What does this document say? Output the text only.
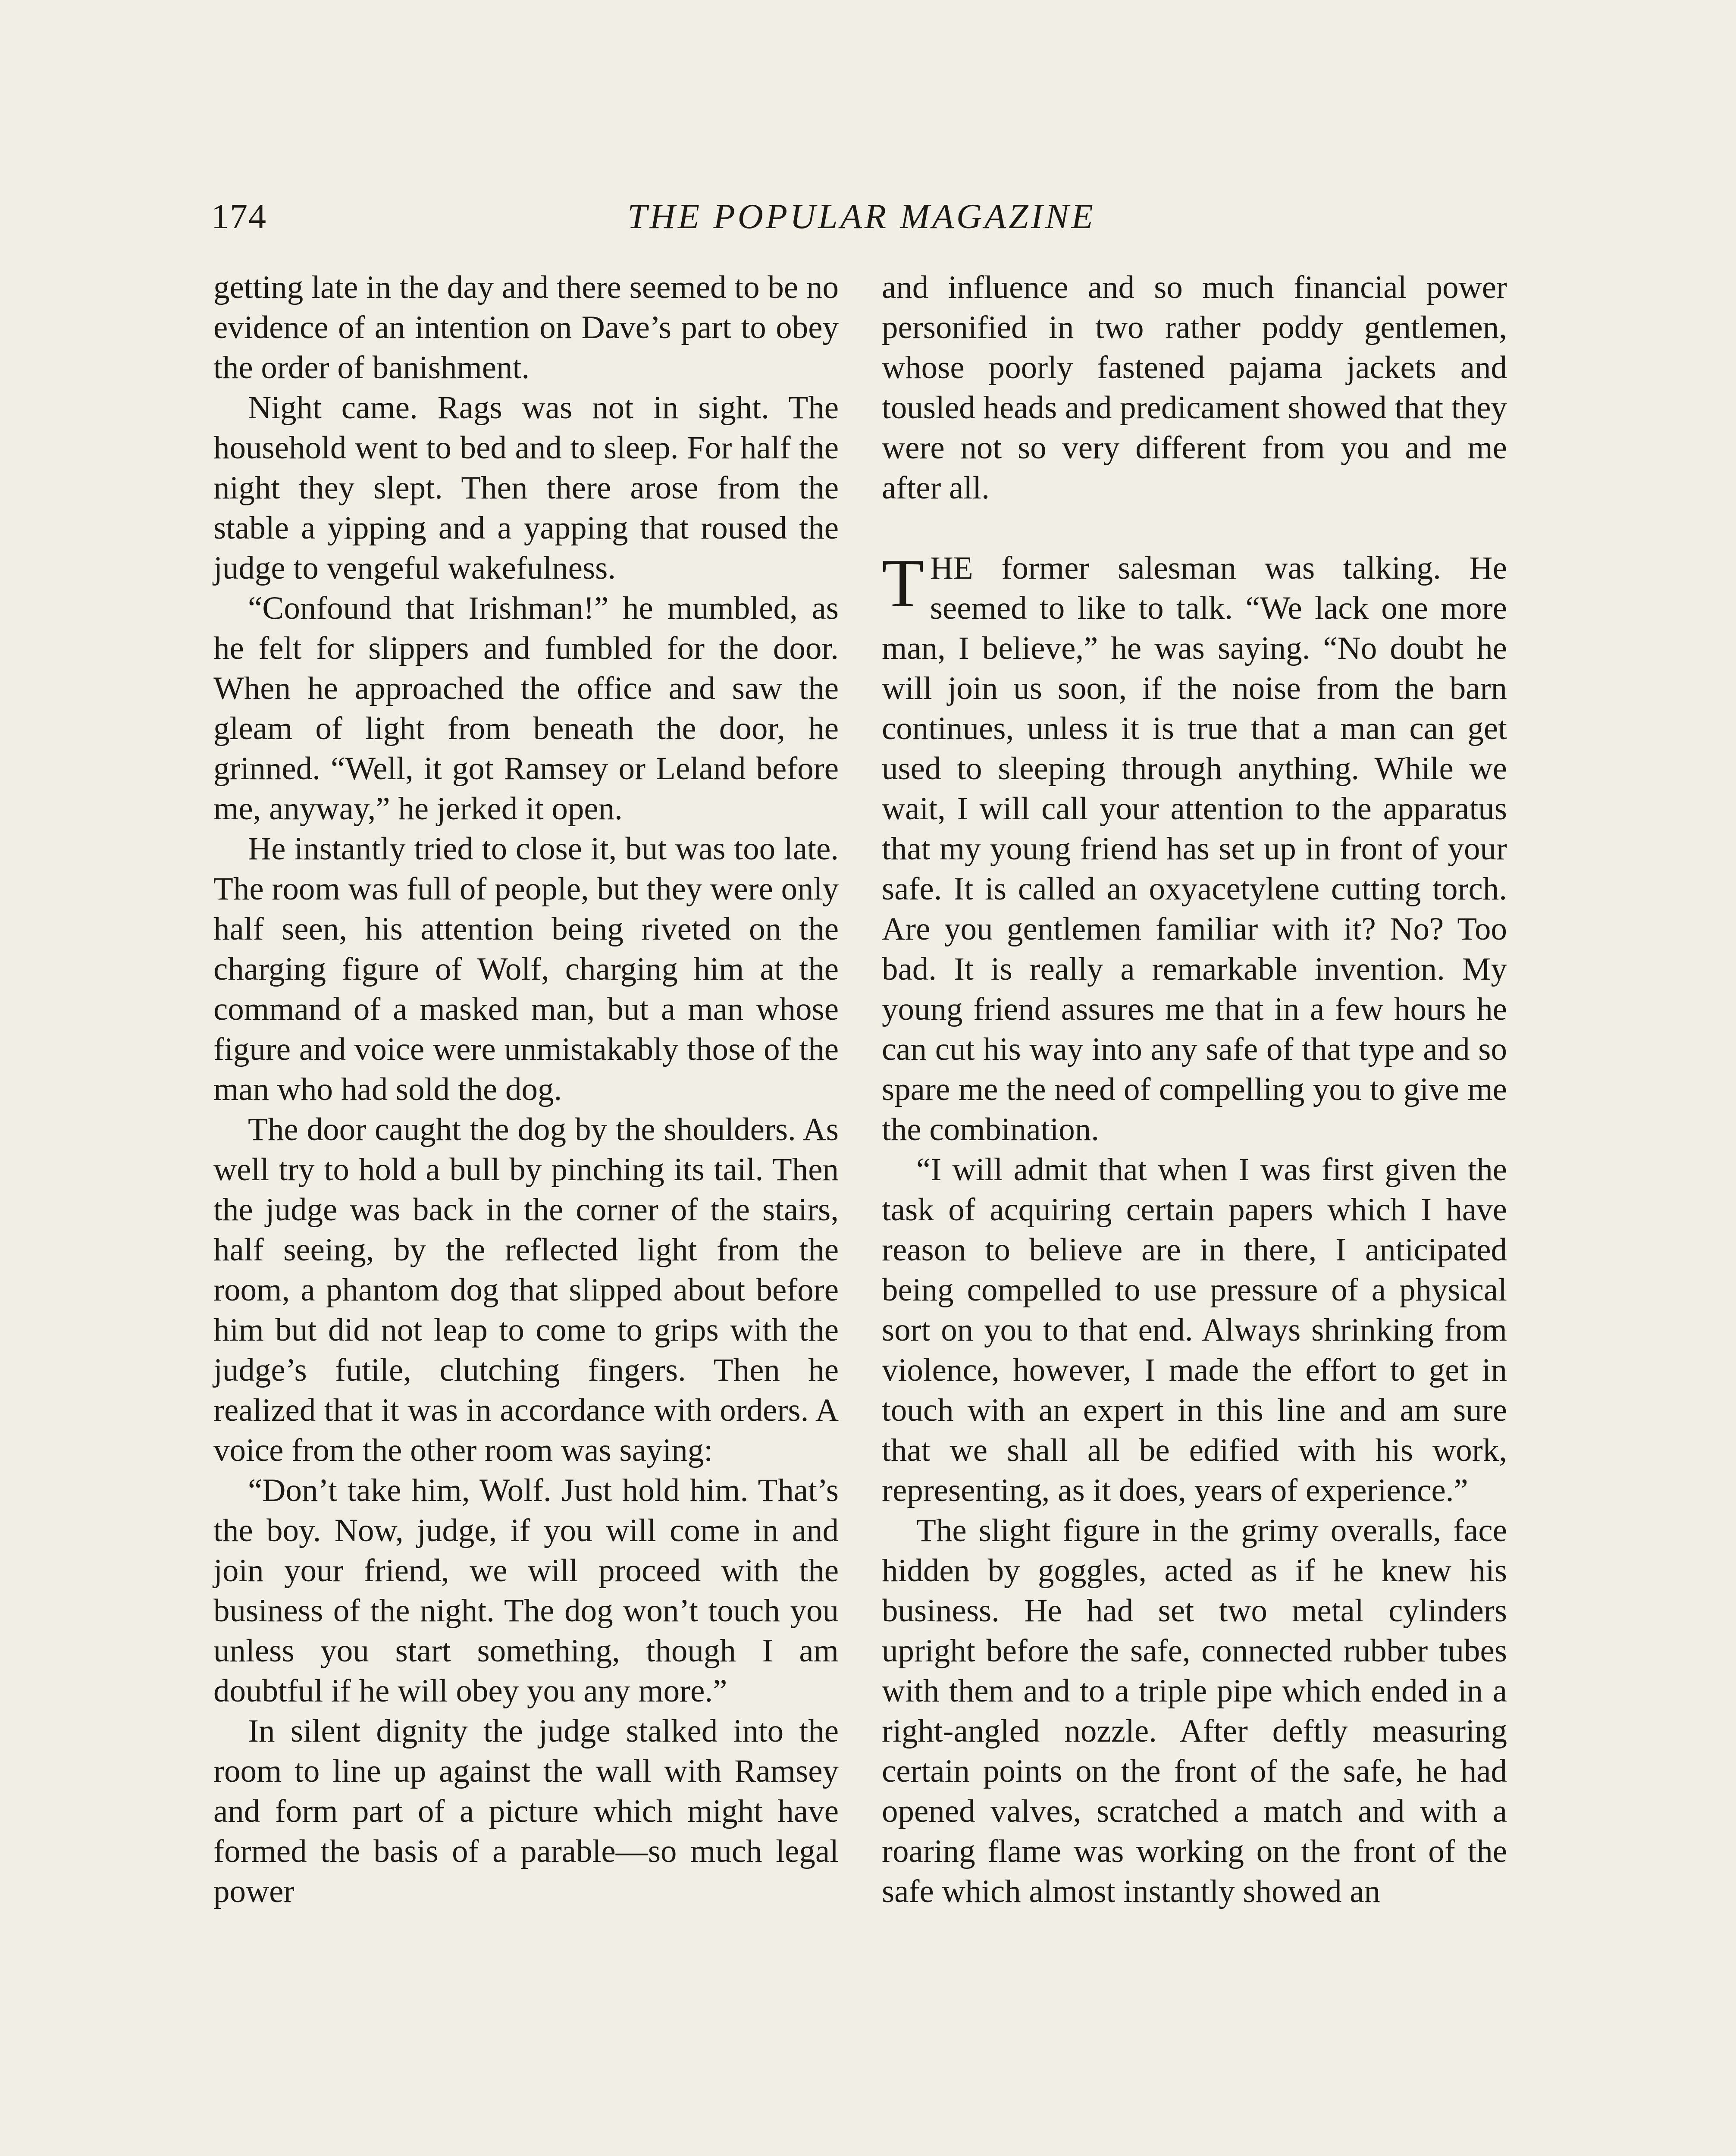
174	THE POPULAR MAGAZINE

getting late in the day and there seemed to be no evidence of an intention on Dave’s part to obey the order of banishment.

Night came. Rags was not in sight. The household went to bed and to sleep. For half the night they slept. Then there arose from the stable a yipping and a yapping that roused the judge to vengeful wakefulness.

“Confound that Irishman!” he mumbled, as he felt for slippers and fumbled for the door. When he approached the office and saw the gleam of light from beneath the door, he grinned. “Well, it got Ramsey or Leland before me, anyway,” he jerked it open.

He instantly tried to close it, but was too late. The room was full of people, but they were only half seen, his attention being riveted on the charging figure of Wolf, charging him at the command of a masked man, but a man whose figure and voice were unmistakably those of the man who had sold the dog.

The door caught the dog by the shoulders. As well try to hold a bull by pinching its tail. Then the judge was back in the corner of the stairs, half seeing, by the reflected light from the room, a phantom dog that slipped about before him but did not leap to come to grips with the judge’s futile, clutching fingers. Then he realized that it was in accordance with orders. A voice from the other room was saying:

“Don’t take him, Wolf. Just hold him. That’s the boy. Now, judge, if you will come in and join your friend, we will proceed with the business of the night. The dog won’t touch you unless you start something, though I am doubtful if he will obey you any more.”

In silent dignity the judge stalked into the room to line up against the wall with Ramsey and form part of a picture which might have formed the basis of a parable—so much legal power

and influence and so much financial power personified in two rather poddy gentlemen, whose poorly fastened pajama jackets and tousled heads and predicament showed that they were not so very different from you and me after all.

THE former salesman was talking. He seemed to like to talk. “We lack one more man, I believe,” he was saying. “No doubt he will join us soon, if the noise from the barn continues, unless it is true that a man can get used to sleeping through anything. While we wait, I will call your attention to the apparatus that my young friend has set up in front of your safe. It is called an oxyacetylene cutting torch. Are you gentlemen familiar with it? No? Too bad. It is really a remarkable invention. My young friend assures me that in a few hours he can cut his way into any safe of that type and so spare me the need of compelling you to give me the combination.

“I will admit that when I was first given the task of acquiring certain papers which I have reason to believe are in there, I anticipated being compelled to use pressure of a physical sort on you to that end. Always shrinking from violence, however, I made the effort to get in touch with an expert in this line and am sure that we shall all be edified with his work, representing, as it does, years of experience.”

The slight figure in the grimy overalls, face hidden by goggles, acted as if he knew his business. He had set two metal cylinders upright before the safe, connected rubber tubes with them and to a triple pipe which ended in a right-angled nozzle. After deftly measuring certain points on the front of the safe, he had opened valves, scratched a match and with a roaring flame was working on the front of the safe which almost instantly showed an
